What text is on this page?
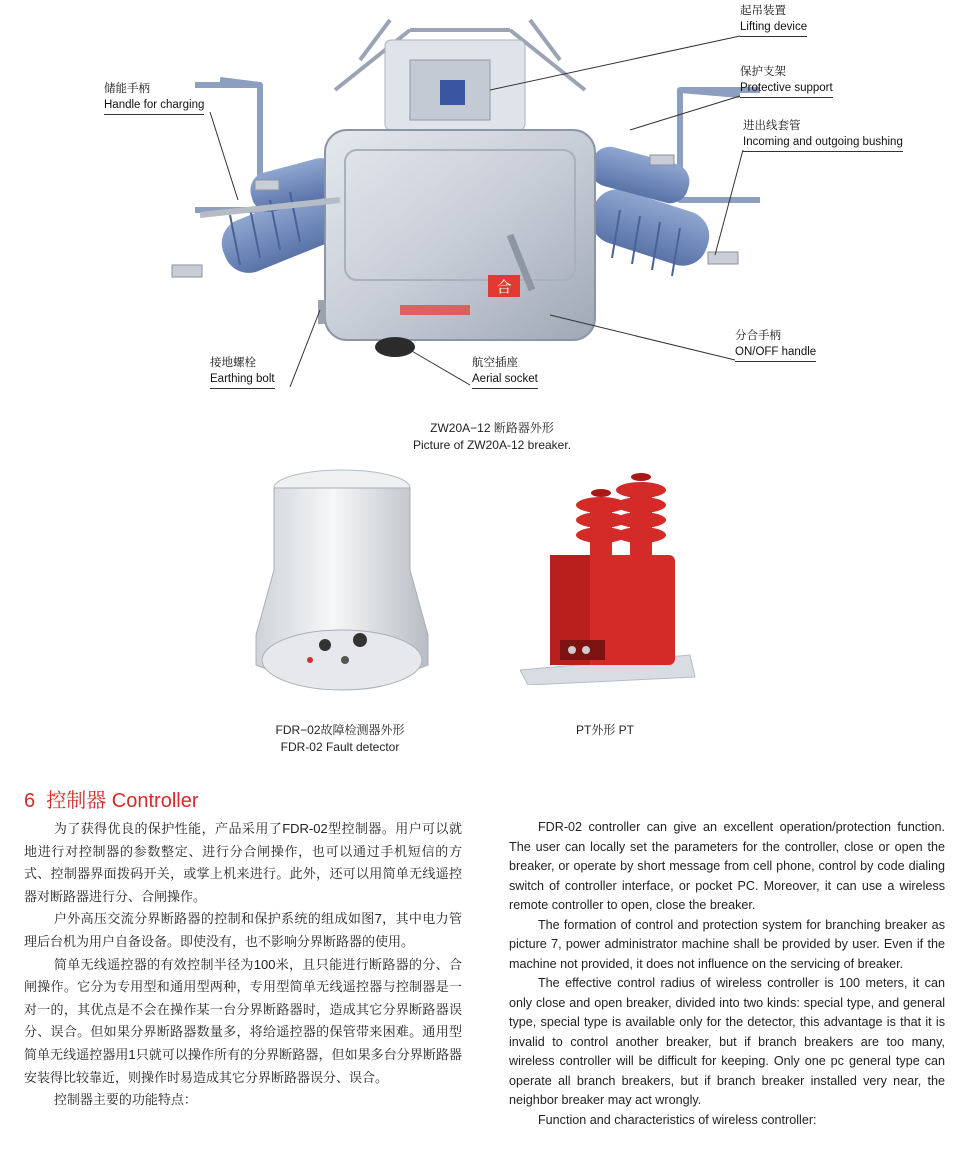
合
起吊装置
Lifting device
保护支架
Protective support
进出线套管
Incoming and outgoing bushing
储能手柄
Handle for charging
分合手柄
ON/OFF handle
接地螺栓
Earthing bolt
航空插座
Aerial socket
ZW20A−12 断路器外形
Picture of ZW20A-12 breaker.
FDR−02故障检测器外形
FDR-02 Fault detector
PT外形 PT
6 控制器 Controller

为了获得优良的保护性能，产品采用了FDR-02型控制器。用户可以就地进行对控制器的参数整定、进行分合闸操作，也可以通过手机短信的方式、控制器界面拨码开关，或掌上机来进行。此外，还可以用简单无线遥控器对断路器进行分、合闸操作。

户外高压交流分界断路器的控制和保护系统的组成如图7，其中电力管理后台机为用户自备设备。即使没有，也不影响分界断路器的使用。

简单无线遥控器的有效控制半径为100米，且只能进行断路器的分、合闸操作。它分为专用型和通用型两种，专用型简单无线遥控器与控制器是一对一的，其优点是不会在操作某一台分界断路器时，造成其它分界断路器误分、误合。但如果分界断路器数量多，将给遥控器的保管带来困难。通用型简单无线遥控器用1只就可以操作所有的分界断路器，但如果多台分界断路器安装得比较靠近，则操作时易造成其它分界断路器误分、误合。

控制器主要的功能特点：

FDR-02 controller can give an excellent operation/protection function. The user can locally set the parameters for the controller, close or open the breaker, or operate by short message from cell phone, control by code dialing switch of controller interface, or pocket PC. Moreover, it can use a wireless remote controller to open, close the breaker.

The formation of control and protection system for branching breaker as picture 7, power administrator machine shall be provided by user. Even if the machine not provided, it does not influence on the servicing of breaker.

The effective control radius of wireless controller is 100 meters, it can only close and open breaker, divided into two kinds: special type, and general type, special type is available only for the detector, this advantage is that it is invalid to control another breaker, but if branch breakers are too many, wireless controller will be difficult for keeping. Only one pc general type can operate all branch breakers, but if branch breaker installed very near, the neighbor breaker may act wrongly.

Function and characteristics of wireless controller:
